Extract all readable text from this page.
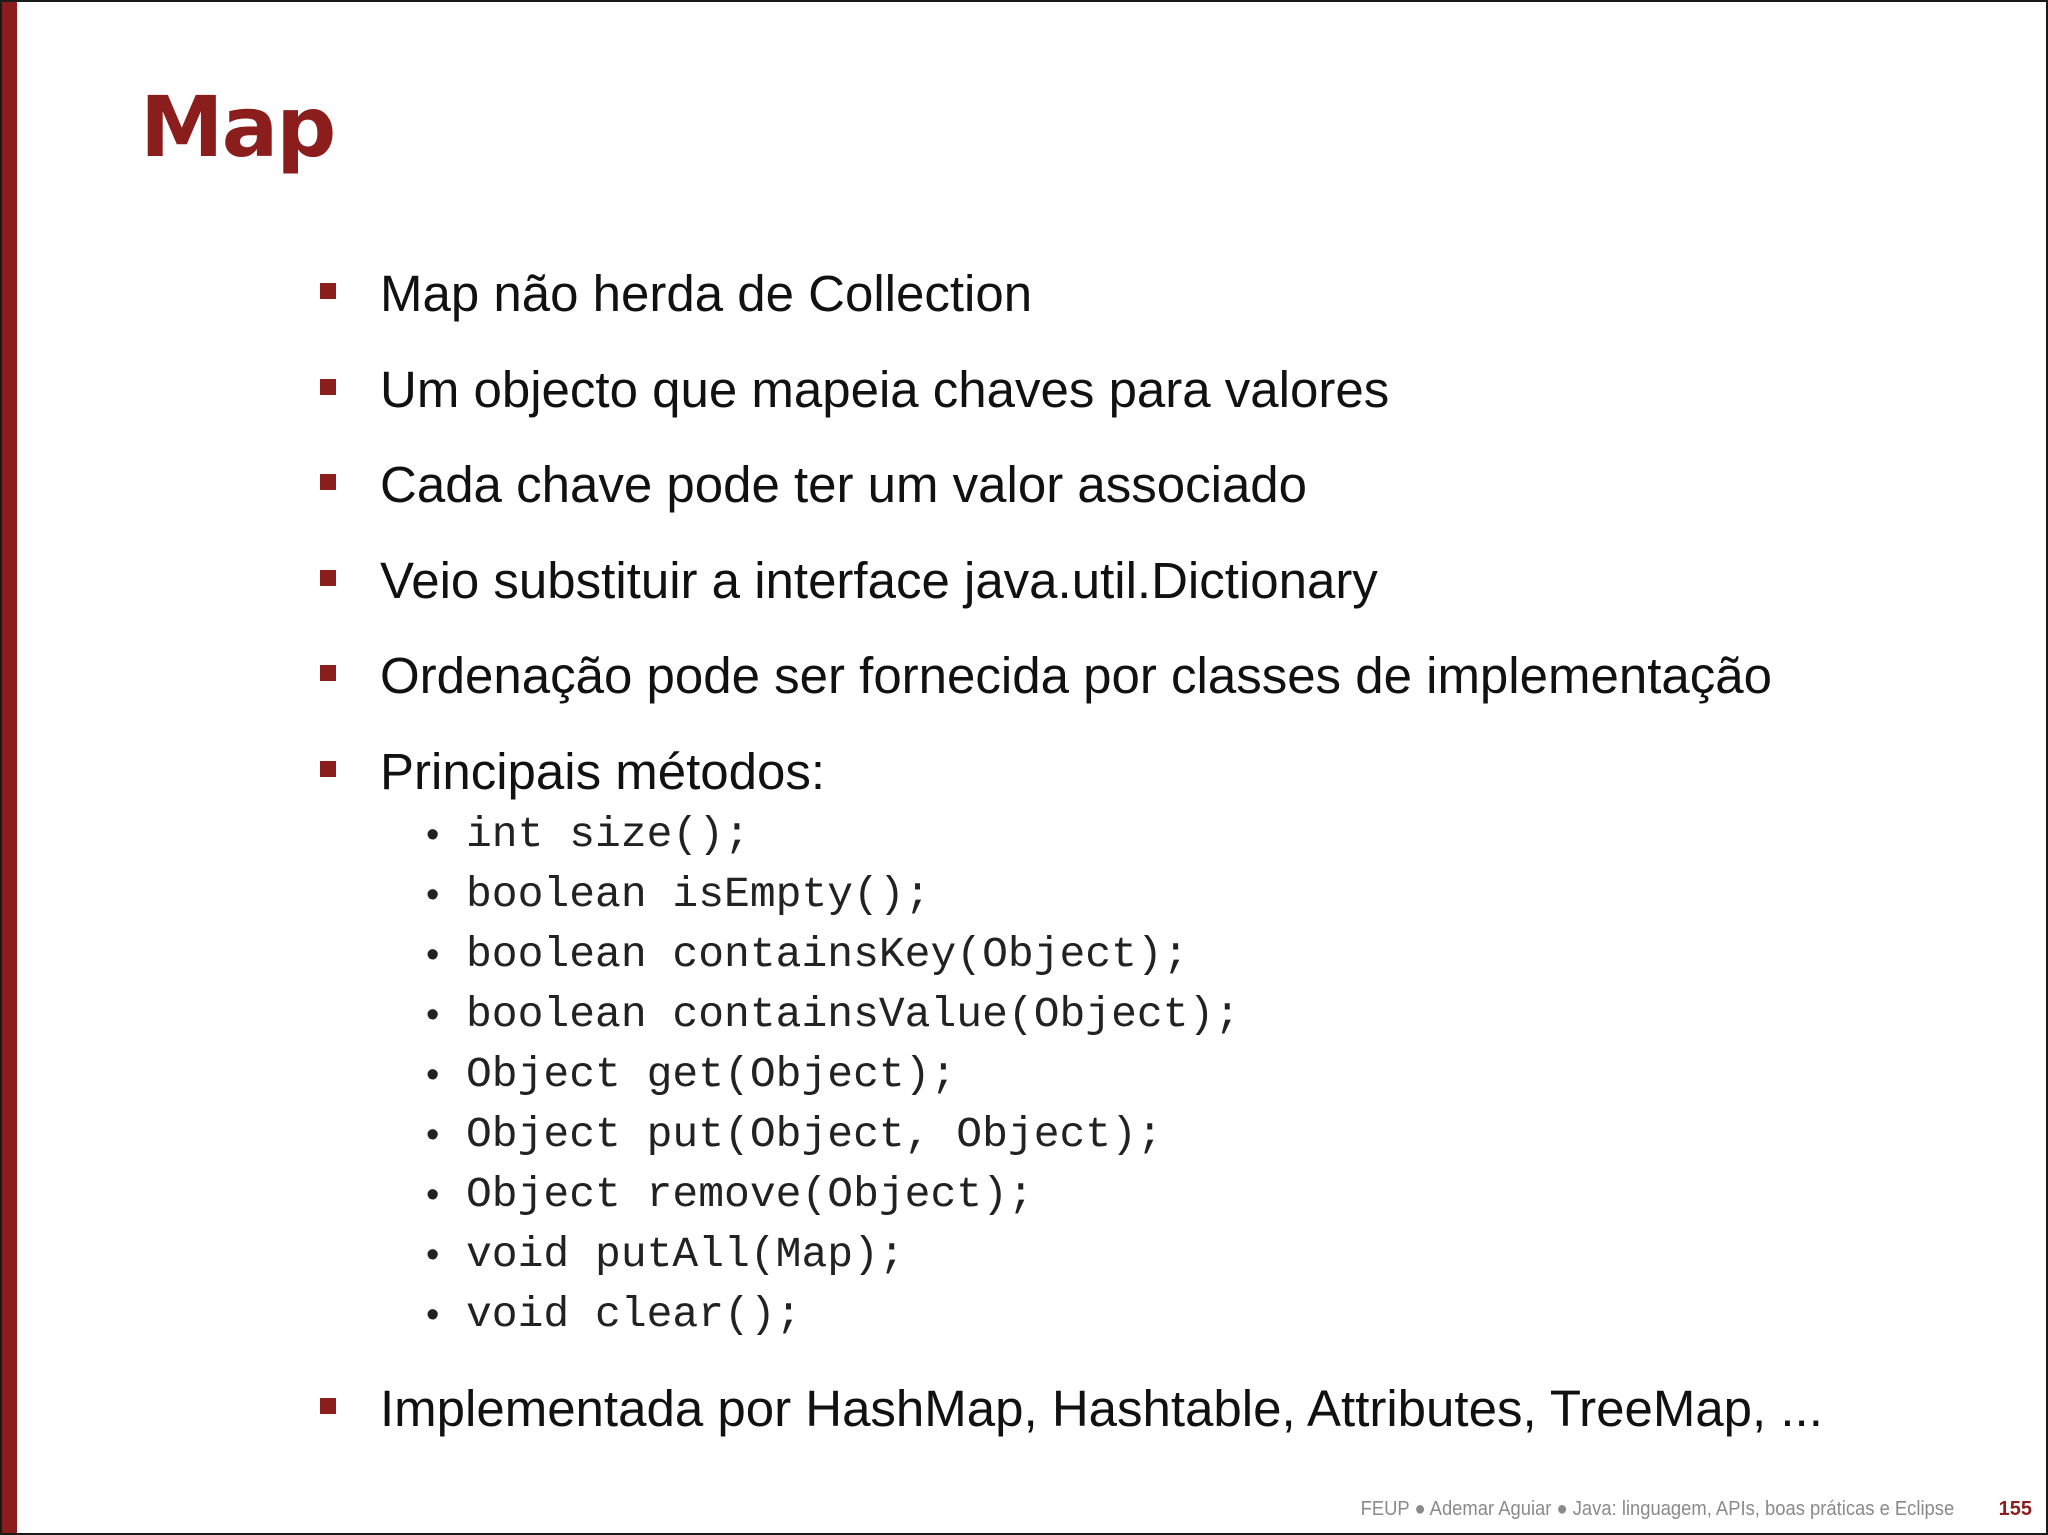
Map
Map não herda de Collection
Um objecto que mapeia chaves para valores
Cada chave pode ter um valor associado
Veio substituir a interface java.util.Dictionary
Ordenação pode ser fornecida por classes de implementação
Principais métodos:

•

int size();

•

boolean isEmpty();

•

boolean containsKey(Object);

•

boolean containsValue(Object);

•

Object get(Object);

•

Object put(Object, Object);

•

Object remove(Object);

•

void putAll(Map);

•

void clear();

Implementada por HashMap, Hashtable, Attributes, TreeMap, ...
FEUP ● Ademar Aguiar ● Java: linguagem, APIs, boas práticas e Eclipse 155
